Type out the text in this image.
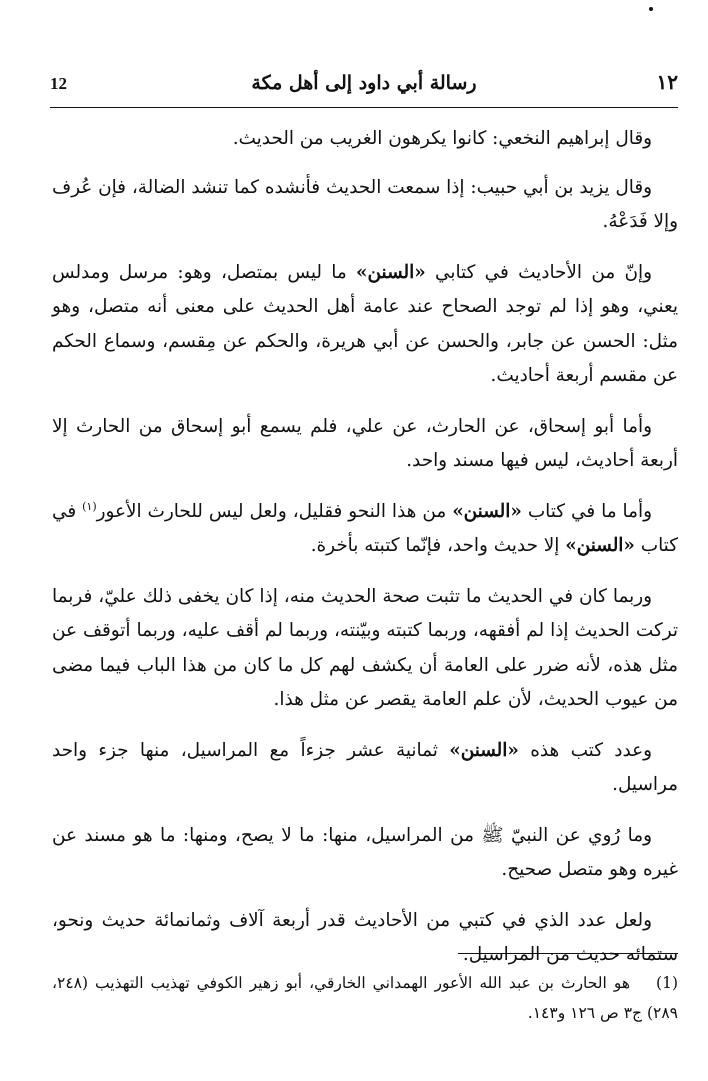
١٢
رسالة أبي داود إلى أهل مكة
12

وقال إبراهيم النخعي: كانوا يكرهون الغريب من الحديث.

وقال يزيد بن أبي حبيب: إذا سمعت الحديث فأنشده كما تنشد الضالة، فإن عُرف وإلا فَدَعْهُ.

وإنّ من الأحاديث في كتابي «السنن» ما ليس بمتصل، وهو: مرسل ومدلس يعني، وهو إذا لم توجد الصحاح عند عامة أهل الحديث على معنى أنه متصل، وهو مثل: الحسن عن جابر، والحسن عن أبي هريرة، والحكم عن مِقسم، وسماع الحكم عن مقسم أربعة أحاديث.

وأما أبو إسحاق، عن الحارث، عن علي، فلم يسمع أبو إسحاق من الحارث إلا أربعة أحاديث، ليس فيها مسند واحد.

وأما ما في كتاب «السنن» من هذا النحو فقليل، ولعل ليس للحارث الأعور$^{(١)}$ في كتاب «السنن» إلا حديث واحد، فإنّما كتبته بأخرة.

وربما كان في الحديث ما تثبت صحة الحديث منه، إذا كان يخفى ذلك عليّ، فربما تركت الحديث إذا لم أفقهه، وربما كتبته وبيّنته، وربما لم أقف عليه، وربما أتوقف عن مثل هذه، لأنه ضرر على العامة أن يكشف لهم كل ما كان من هذا الباب فيما مضى من عيوب الحديث، لأن علم العامة يقصر عن مثل هذا.

وعدد كتب هذه «السنن» ثمانية عشر جزءاً مع المراسيل، منها جزء واحد مراسيل.

وما رُوي عن النبيّ ﷺ من المراسيل، منها: ما لا يصح، ومنها: ما هو مسند عن غيره وهو متصل صحيح.

ولعل عدد الذي في كتبي من الأحاديث قدر أربعة آلاف وثمانمائة حديث ونحو، ستمائه حديث من المراسيل.

(1)هو الحارث بن عبد الله الأعور الهمداني الخارقي، أبو زهير الكوفي تهذيب التهذيب (٢٤٨، ٢٨٩) ج٣ ص ١٢٦ و١٤٣.
